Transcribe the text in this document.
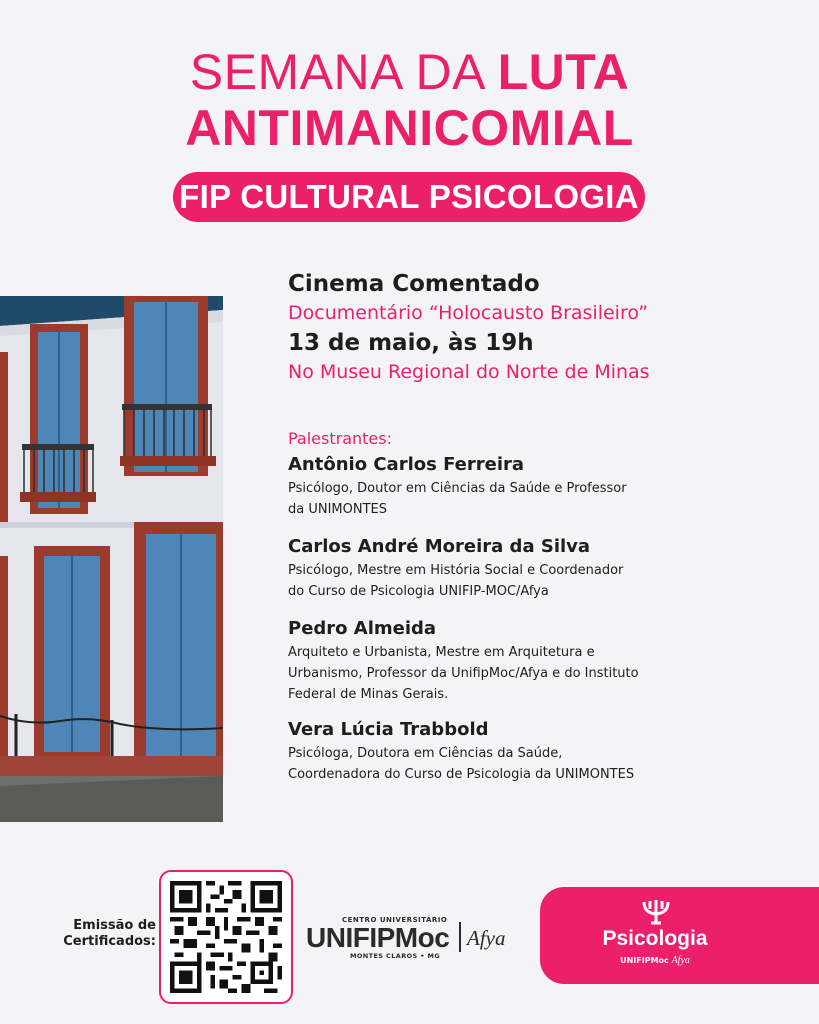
SEMANA DA LUTA
ANTIMANICOMIAL
FIP CULTURAL PSICOLOGIA

Cinema Comentado

Documentário “Holocausto Brasileiro”

13 de maio, às 19h

No Museu Regional do Norte de Minas

Palestrantes:

Antônio Carlos Ferreira

Psicólogo, Doutor em Ciências da Saúde e Professor
da UNIMONTES

Carlos André Moreira da Silva

Psicólogo, Mestre em História Social e Coordenador
do Curso de Psicologia UNIFIP-MOC/Afya

Pedro Almeida

Arquiteto e Urbanista, Mestre em Arquitetura e
Urbanismo, Professor da UnifipMoc/Afya e do Instituto
Federal de Minas Gerais.

Vera Lúcia Trabbold

Psicóloga, Doutora em Ciências da Saúde,
Coordenadora do Curso de Psicologia da UNIMONTES

Emissão de
Certificados:
CENTRO UNIVERSITÁRIO
UNIFIPMoc
MONTES CLAROS • MG
Afya	Psicologia
UNIFIPMoc Afya
